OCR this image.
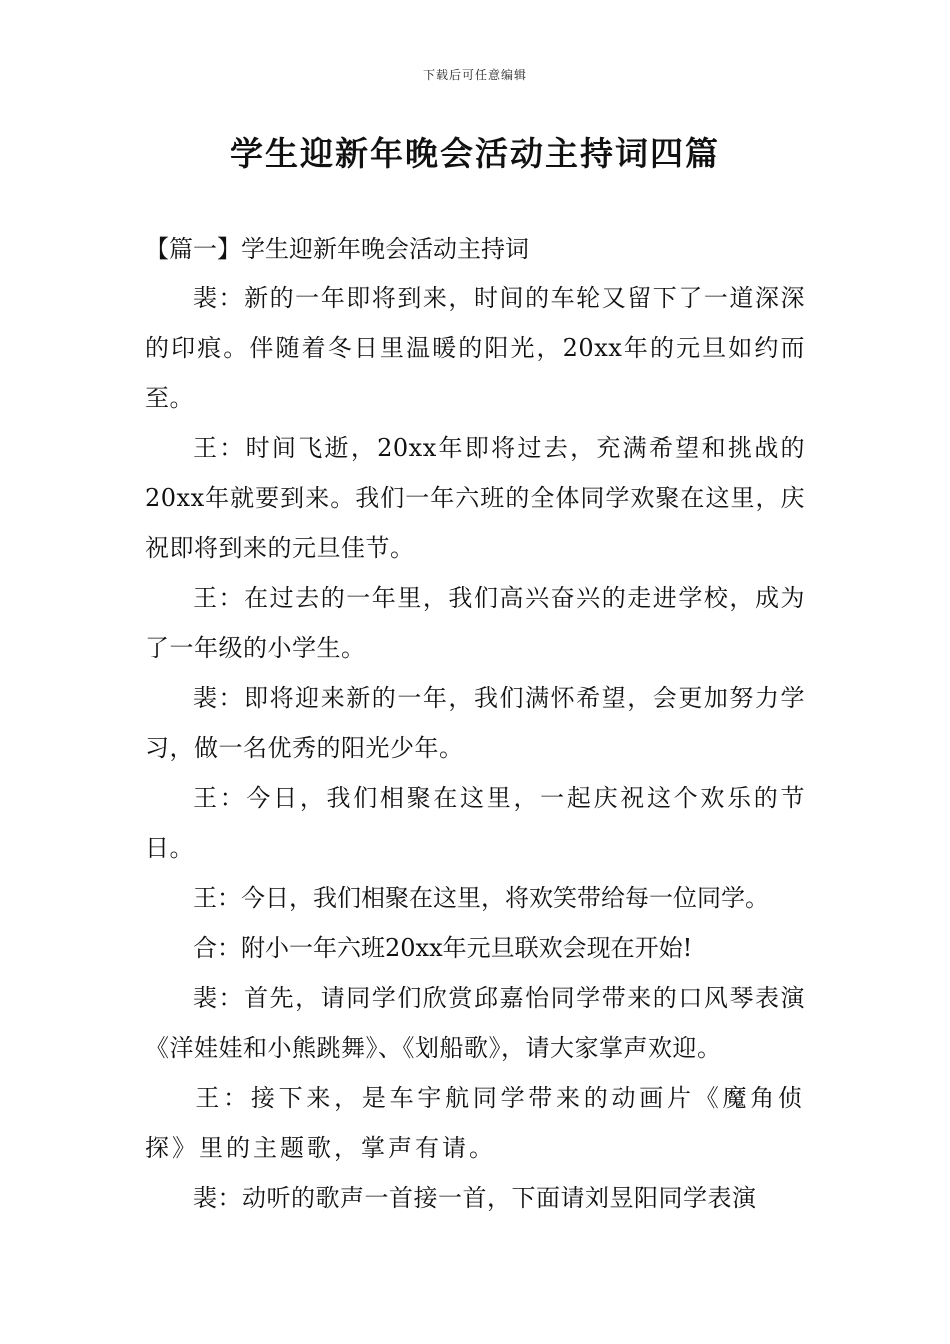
下载后可任意编辑
学生迎新年晚会活动主持词四篇

【篇一】学生迎新年晚会活动主持词

裴：新的一年即将到来，时间的车轮又留下了一道深深的印痕。伴随着冬日里温暖的阳光，20xx年的元旦如约而至。

王：时间飞逝，20xx年即将过去，充满希望和挑战的20xx年就要到来。我们一年六班的全体同学欢聚在这里，庆祝即将到来的元旦佳节。

王：在过去的一年里，我们高兴奋兴的走进学校，成为了一年级的小学生。

裴：即将迎来新的一年，我们满怀希望，会更加努力学习，做一名优秀的阳光少年。

王：今日，我们相聚在这里，一起庆祝这个欢乐的节日。

王：今日，我们相聚在这里，将欢笑带给每一位同学。

合：附小一年六班20xx年元旦联欢会现在开始!

裴：首先，请同学们欣赏邱嘉怡同学带来的口风琴表演《洋娃娃和小熊跳舞》、《划船歌》，请大家掌声欢迎。

王：接下来，是车宇航同学带来的动画片《魔角侦探》里的主题歌，掌声有请。

裴：动听的歌声一首接一首，下面请刘昱阳同学表演
